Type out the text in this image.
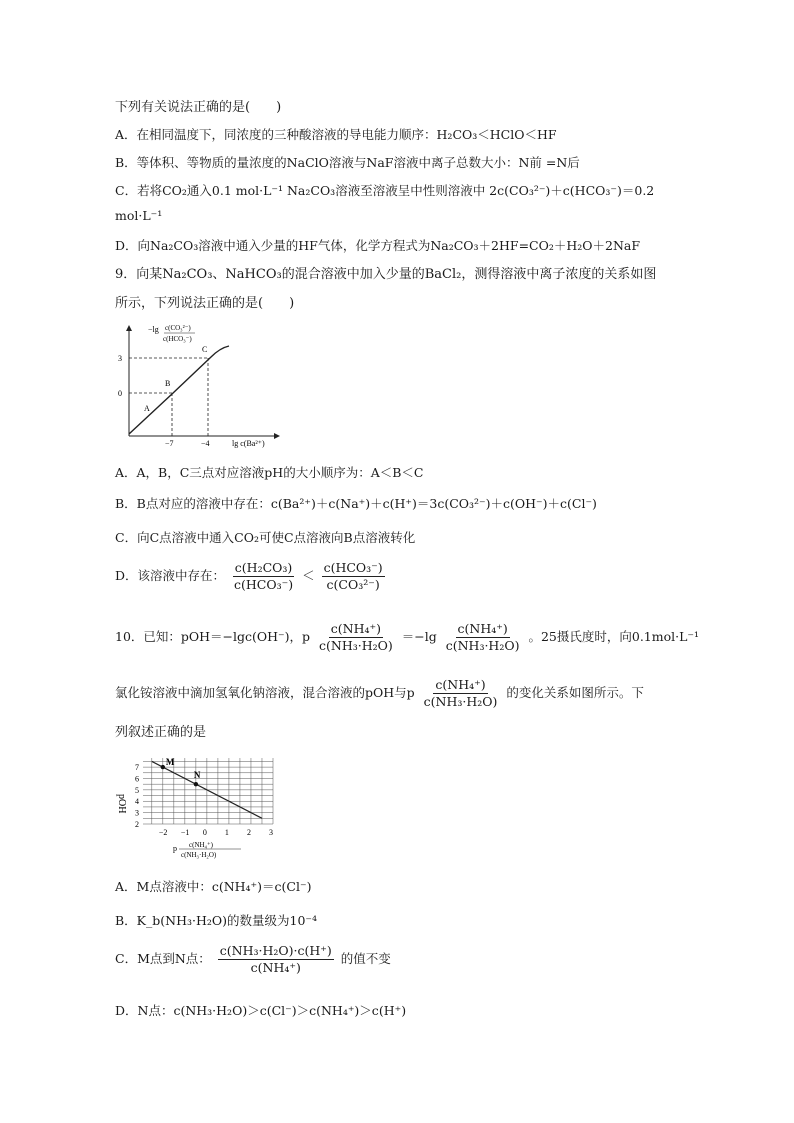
下列有关说法正确的是(　　)
A．在相同温度下，同浓度的三种酸溶液的导电能力顺序：H₂CO₃＜HClO＜HF
B．等体积、等物质的量浓度的NaClO溶液与NaF溶液中离子总数大小：N前 =N后
C．若将CO₂通入0.1 mol·L⁻¹ Na₂CO₃溶液至溶液呈中性则溶液中 2c(CO₃²⁻)＋c(HCO₃⁻)＝0.2
mol·L⁻¹
D．向Na₂CO₃溶液中通入少量的HF气体，化学方程式为Na₂CO₃＋2HF=CO₂＋H₂O＋2NaF
9．向某Na₂CO₃、NaHCO₃的混合溶液中加入少量的BaCl₂，测得溶液中离子浓度的关系如图
所示，下列说法正确的是(　　)
−lg c(CO₃²⁻)
c(HCO₃⁻)
lg c(Ba²⁺)
3
0
−7	−4
A
B
C
A．A，B，C三点对应溶液pH的大小顺序为：A＜B＜C
B．B点对应的溶液中存在：c(Ba²⁺)＋c(Na⁺)＋c(H⁺)＝3c(CO₃²⁻)＋c(OH⁻)＋c(Cl⁻)
C．向C点溶液中通入CO₂可使C点溶液向B点溶液转化
D．该溶液中存在： $\frac{\text{c(H₂CO₃)}}{\text{c(HCO₃⁻)}} < \frac{\text{c(HCO₃⁻)}}{\text{c(CO₃²⁻)}}$
10．已知：pOH＝−lgc(OH⁻)，p $\frac{\text{c(NH₄⁺)}}{\text{c(NH₃·H₂O)}} =-\lg \frac{\text{c(NH₄⁺)}}{\text{c(NH₃·H₂O)}}$ 。25摄氏度时，向0.1mol·L⁻¹
氯化铵溶液中滴加氢氧化钠溶液，混合溶液的pOH与p $\frac{\text{c(NH₄⁺)}}{\text{c(NH₃·H₂O)}}$ 的变化关系如图所示。下
列叙述正确的是
M
N
−2 −1 0 1 2 3
2
3
4
5
6
7
pOH
p c(NH₄⁺)
c(NH₃·H₂O)
A．M点溶液中：c(NH₄⁺)＝c(Cl⁻)
B．K_b(NH₃·H₂O)的数量级为10⁻⁴
C．M点到N点： $\frac{\text{c(NH₃·H₂O)·c(H⁺)}}{\text{c(NH₄⁺)}}$ 的值不变
D．N点：c(NH₃·H₂O)＞c(Cl⁻)＞c(NH₄⁺)＞c(H⁺)
